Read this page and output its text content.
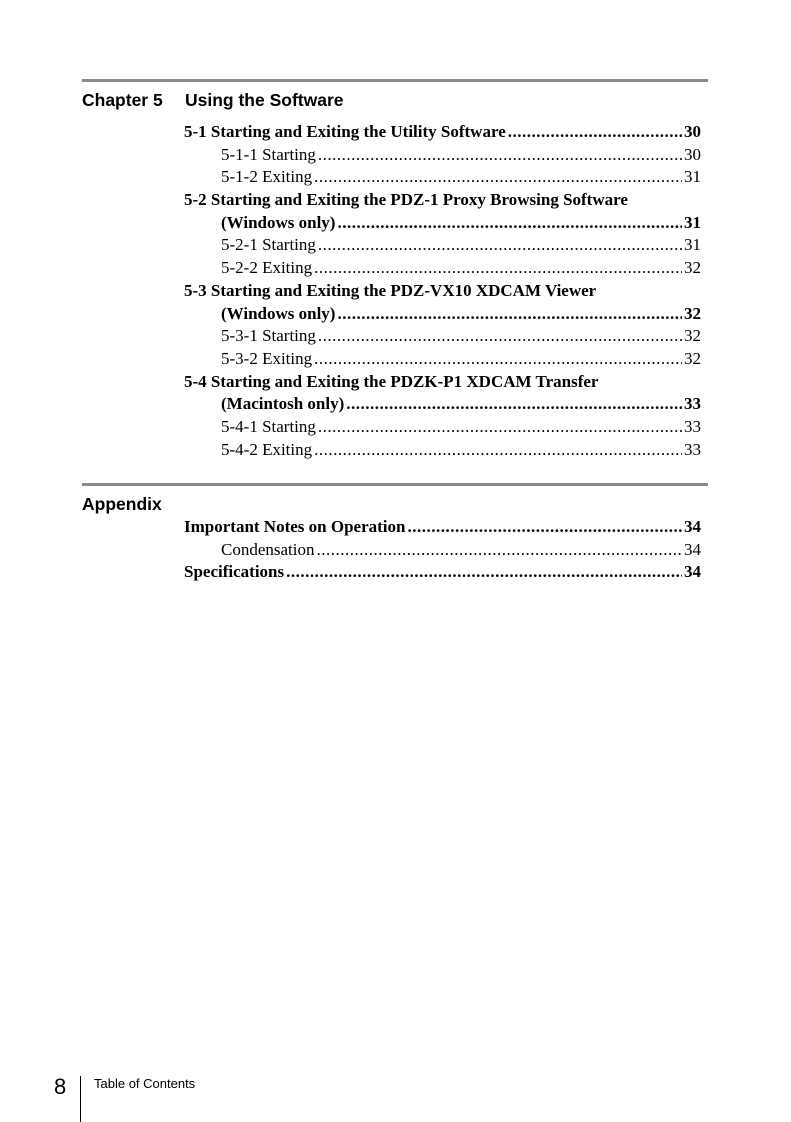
Chapter 5 Using the Software
5-1 Starting and Exiting the Utility Software .....	30
5-1-1 Starting .....	30
5-1-2 Exiting .....	31
5-2 Starting and Exiting the PDZ-1 Proxy Browsing Software
(Windows only) .....	31
5-2-1 Starting .....	31
5-2-2 Exiting .....	32
5-3 Starting and Exiting the PDZ-VX10 XDCAM Viewer
(Windows only) .....	32
5-3-1 Starting .....	32
5-3-2 Exiting .....	32
5-4 Starting and Exiting the PDZK-P1 XDCAM Transfer
(Macintosh only) .....	33
5-4-1 Starting .....	33
5-4-2 Exiting .....	33
Appendix
Important Notes on Operation .....	34
Condensation .....	34
Specifications .....	34
8 Table of Contents
